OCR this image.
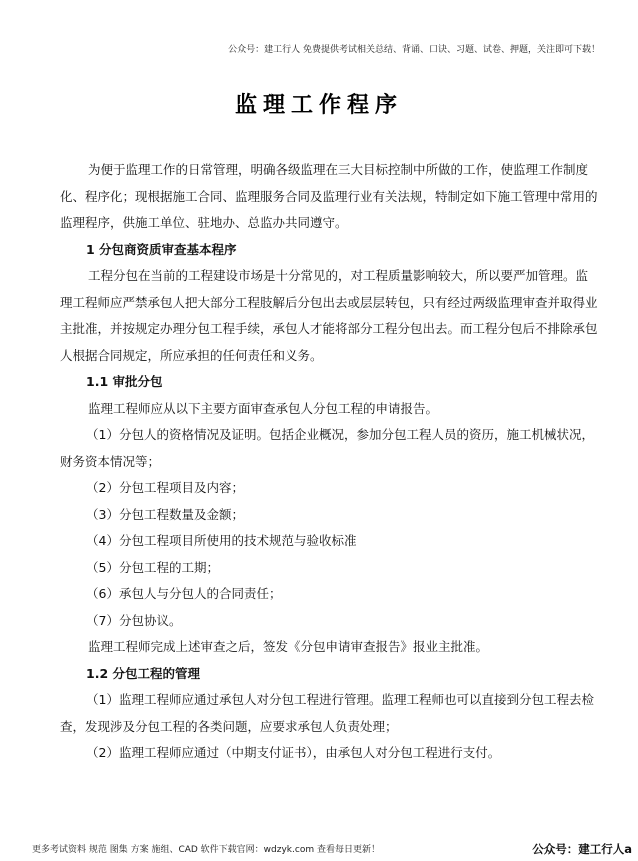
公众号：建工行人 免费提供考试相关总结、背诵、口诀、习题、试卷、押题，关注即可下载！
监理工作程序

为便于监理工作的日常管理，明确各级监理在三大目标控制中所做的工作，使监理工作制度化、程序化；现根据施工合同、监理服务合同及监理行业有关法规，特制定如下施工管理中常用的监理程序，供施工单位、驻地办、总监办共同遵守。

1 分包商资质审查基本程序

工程分包在当前的工程建设市场是十分常见的，对工程质量影响较大，所以要严加管理。监理工程师应严禁承包人把大部分工程肢解后分包出去或层层转包，只有经过两级监理审查并取得业主批准，并按规定办理分包工程手续，承包人才能将部分工程分包出去。而工程分包后不排除承包人根据合同规定，所应承担的任何责任和义务。

1.1 审批分包

监理工程师应从以下主要方面审查承包人分包工程的申请报告。

（1）分包人的资格情况及证明。包括企业概况，参加分包工程人员的资历，施工机械状况，财务资本情况等；

（2）分包工程项目及内容；

（3）分包工程数量及金额；

（4）分包工程项目所使用的技术规范与验收标准

（5）分包工程的工期；

（6）承包人与分包人的合同责任；

（7）分包协议。

监理工程师完成上述审查之后，签发《分包申请审查报告》报业主批准。

1.2 分包工程的管理

（1）监理工程师应通过承包人对分包工程进行管理。监理工程师也可以直接到分包工程去检查，发现涉及分包工程的各类问题，应要求承包人负责处理；

（2）监理工程师应通过（中期支付证书），由承包人对分包工程进行支付。

更多考试资料 规范 图集 方案 施组、CAD 软件下载官网：wdzyk.com 查看每日更新！	公众号：建工行人a
